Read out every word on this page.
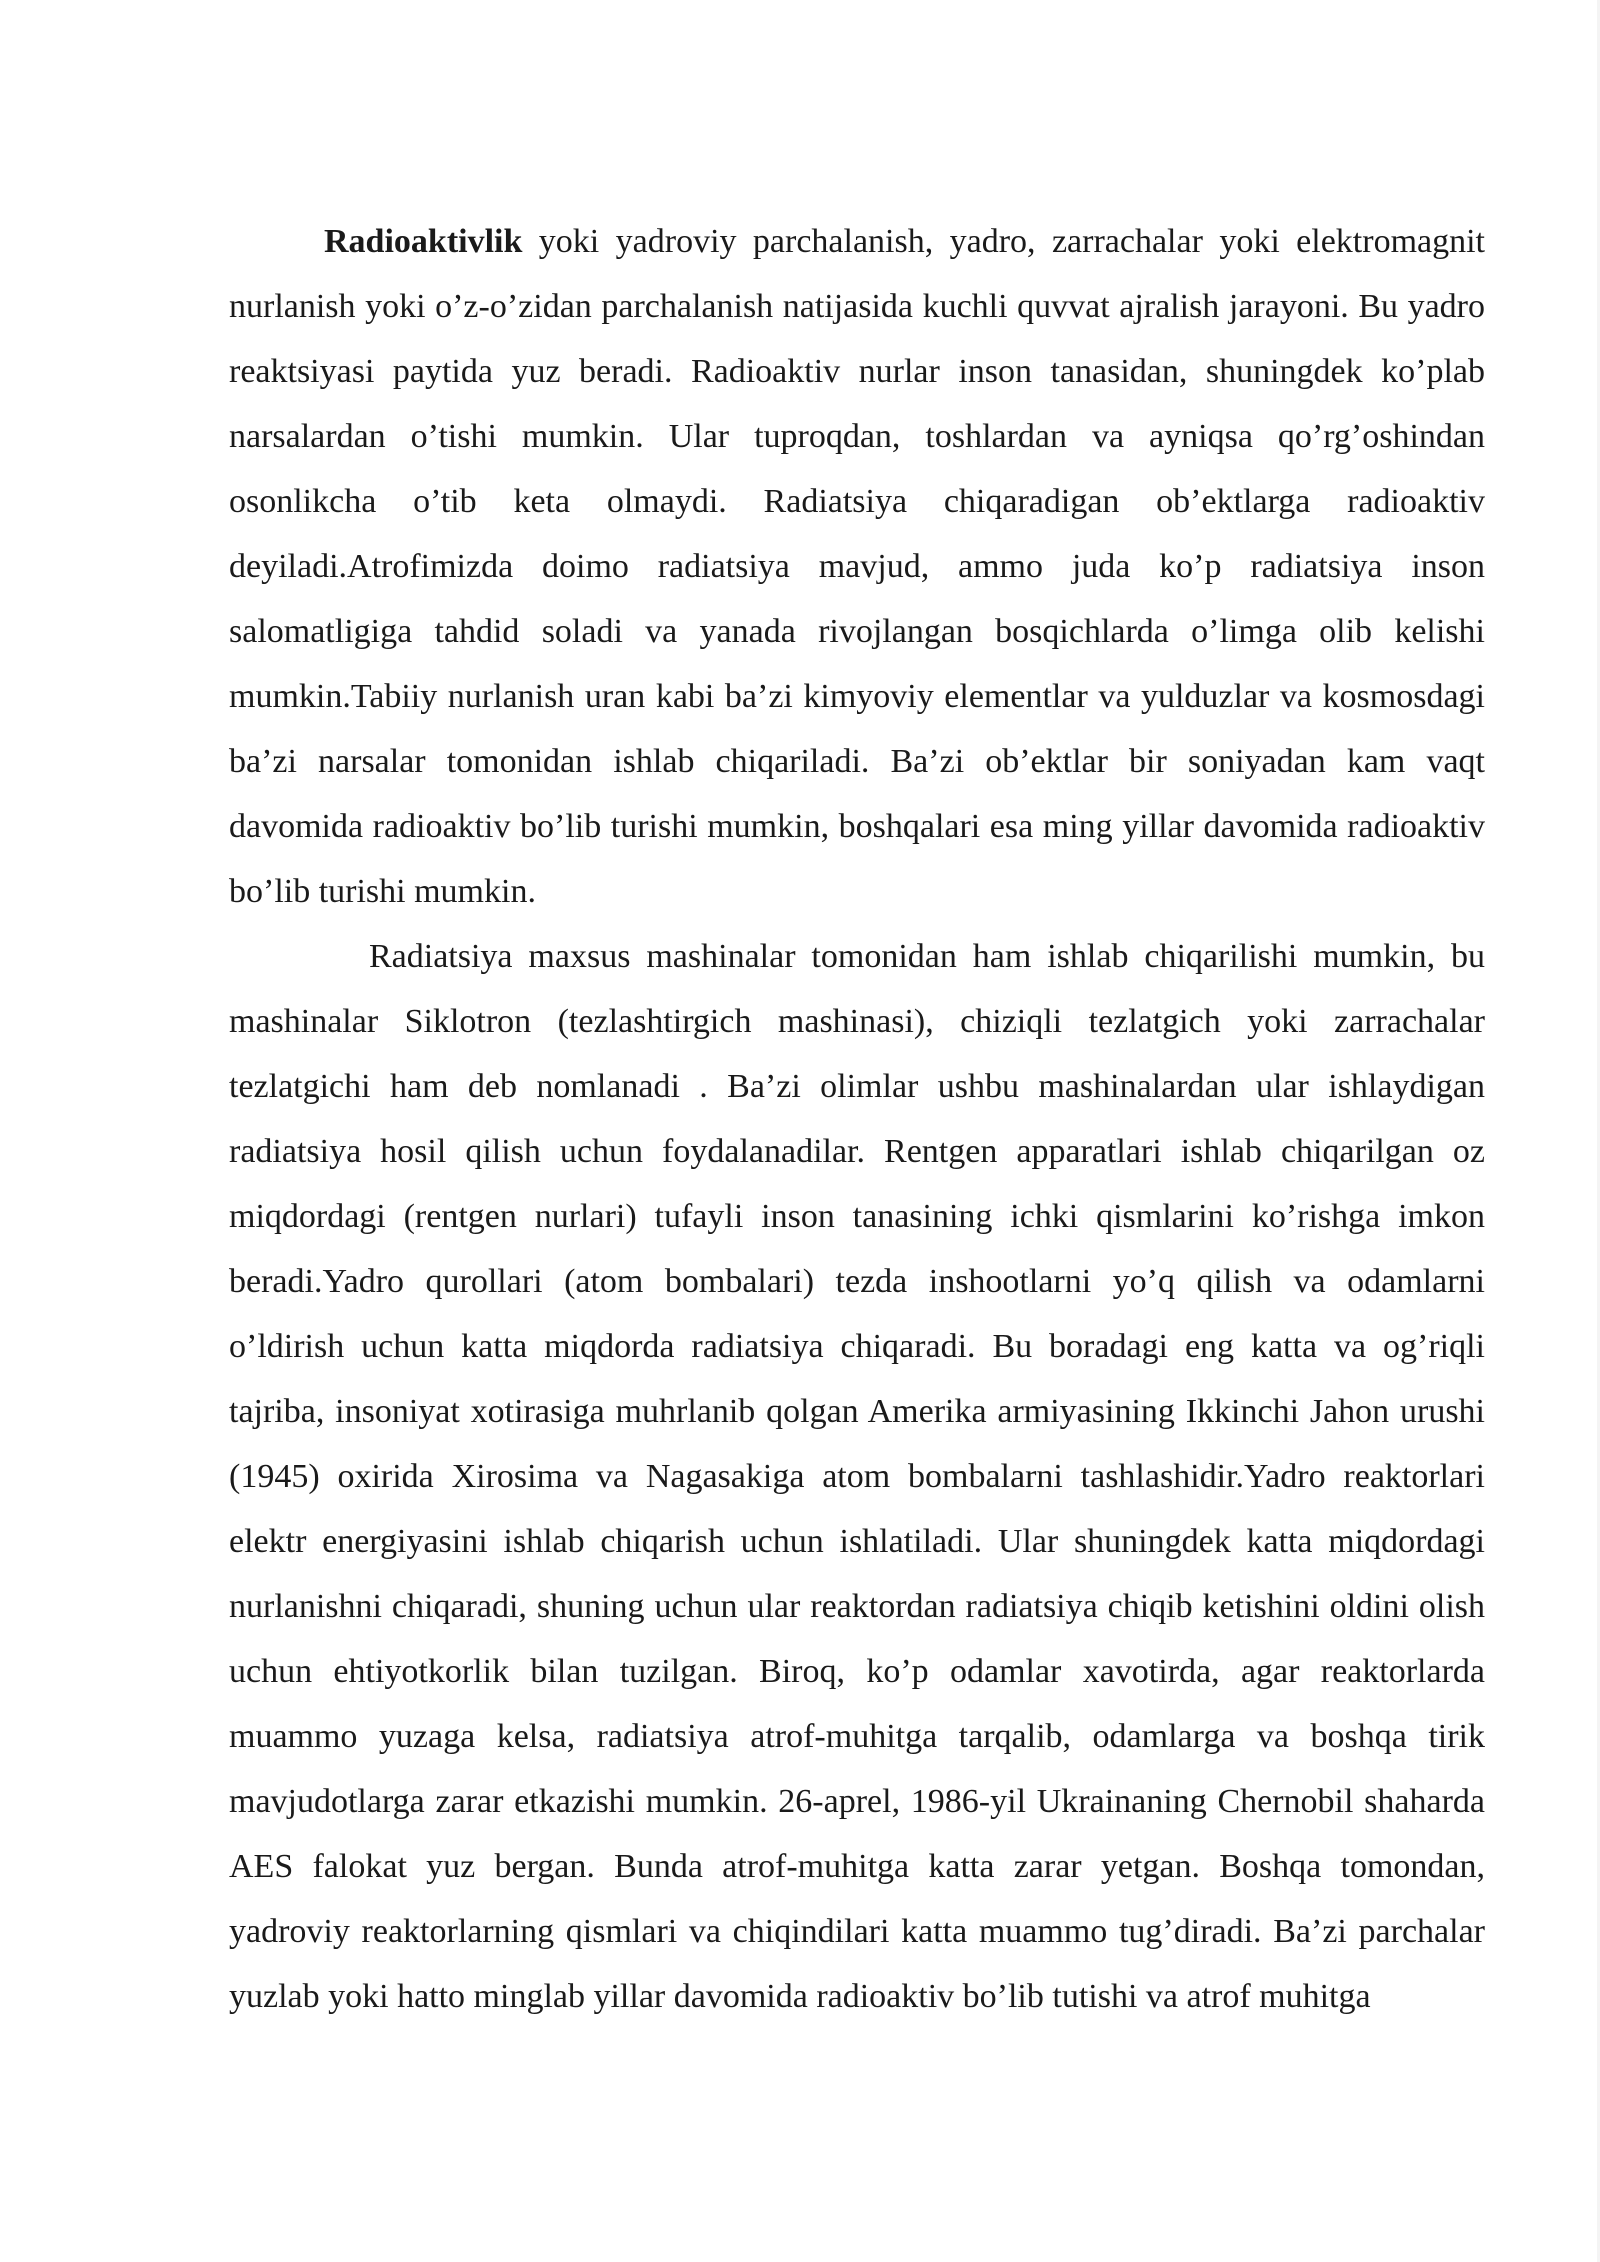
Radioaktivlik yoki yadroviy parchalanish, yadro, zarrachalar yoki elektromagnit nurlanish yoki o’z-o’zidan parchalanish natijasida kuchli quvvat ajralish jarayoni. Bu yadro reaktsiyasi paytida yuz beradi. Radioaktiv nurlar inson tanasidan, shuningdek ko’plab narsalardan o’tishi mumkin. Ular tuproqdan, toshlardan va ayniqsa qo’rg’oshindan osonlikcha o’tib keta olmaydi. Radiatsiya chiqaradigan ob’ektlarga radioaktiv deyiladi.Atrofimizda doimo radiatsiya mavjud, ammo juda ko’p radiatsiya inson salomatligiga tahdid soladi va yanada rivojlangan bosqichlarda o’limga olib kelishi mumkin.Tabiiy nurlanish uran kabi ba’zi kimyoviy elementlar va yulduzlar va kosmosdagi ba’zi narsalar tomonidan ishlab chiqariladi. Ba’zi ob’ektlar bir soniyadan kam vaqt davomida radioaktiv bo’lib turishi mumkin, boshqalari esa ming yillar davomida radioaktiv bo’lib turishi mumkin.

Radiatsiya maxsus mashinalar tomonidan ham ishlab chiqarilishi mumkin, bu mashinalar Siklotron (tezlashtirgich mashinasi), chiziqli tezlatgich yoki zarrachalar tezlatgichi ham deb nomlanadi . Ba’zi olimlar ushbu mashinalardan ular ishlaydigan radiatsiya hosil qilish uchun foydalanadilar. Rentgen apparatlari ishlab chiqarilgan oz miqdordagi (rentgen nurlari) tufayli inson tanasining ichki qismlarini ko’rishga imkon beradi.Yadro qurollari (atom bombalari) tezda inshootlarni yo’q qilish va odamlarni o’ldirish uchun katta miqdorda radiatsiya chiqaradi. Bu boradagi eng katta va og’riqli tajriba, insoniyat xotirasiga muhrlanib qolgan Amerika armiyasining Ikkinchi Jahon urushi (1945) oxirida Xirosima va Nagasakiga atom bombalarni tashlashidir.Yadro reaktorlari elektr energiyasini ishlab chiqarish uchun ishlatiladi. Ular shuningdek katta miqdordagi nurlanishni chiqaradi, shuning uchun ular reaktordan radiatsiya chiqib ketishini oldini olish uchun ehtiyotkorlik bilan tuzilgan. Biroq, ko’p odamlar xavotirda, agar reaktorlarda muammo yuzaga kelsa, radiatsiya atrof-muhitga tarqalib, odamlarga va boshqa tirik mavjudotlarga zarar etkazishi mumkin. 26-aprel, 1986-yil Ukrainaning Chernobil shaharda AES falokat yuz bergan. Bunda atrof-muhitga katta zarar yetgan. Boshqa tomondan, yadroviy reaktorlarning qismlari va chiqindilari katta muammo tug’diradi. Ba’zi parchalar yuzlab yoki hatto minglab yillar davomida radioaktiv bo’lib tutishi va atrof muhitga
